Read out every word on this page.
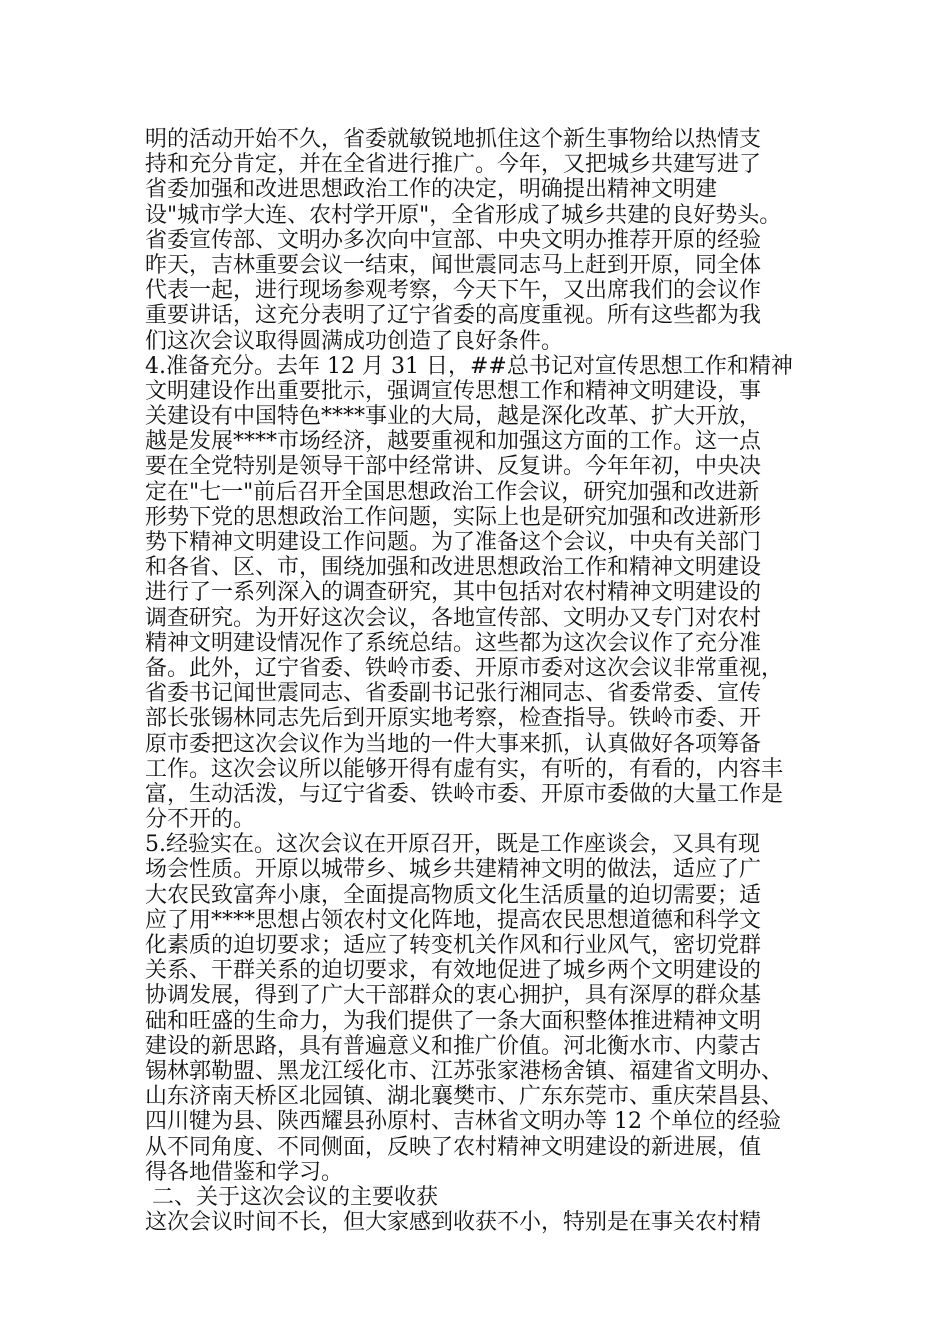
明的活动开始不久，省委就敏锐地抓住这个新生事物给以热情支
持和充分肯定，并在全省进行推广。今年，又把城乡共建写进了
省委加强和改进思想政治工作的决定，明确提出精神文明建
设"城市学大连、农村学开原"，全省形成了城乡共建的良好势头。
省委宣传部、文明办多次向中宣部、中央文明办推荐开原的经验
昨天，吉林重要会议一结束，闻世震同志马上赶到开原，同全体
代表一起，进行现场参观考察，今天下午，又出席我们的会议作
重要讲话，这充分表明了辽宁省委的高度重视。所有这些都为我
们这次会议取得圆满成功创造了良好条件。
4.准备充分。去年 12 月 31 日，##总书记对宣传思想工作和精神
文明建设作出重要批示，强调宣传思想工作和精神文明建设，事
关建设有中国特色****事业的大局，越是深化改革、扩大开放，
越是发展****市场经济，越要重视和加强这方面的工作。这一点
要在全党特别是领导干部中经常讲、反复讲。今年年初，中央决
定在"七一"前后召开全国思想政治工作会议，研究加强和改进新
形势下党的思想政治工作问题，实际上也是研究加强和改进新形
势下精神文明建设工作问题。为了准备这个会议，中央有关部门
和各省、区、市，围绕加强和改进思想政治工作和精神文明建设
进行了一系列深入的调查研究，其中包括对农村精神文明建设的
调查研究。为开好这次会议，各地宣传部、文明办又专门对农村
精神文明建设情况作了系统总结。这些都为这次会议作了充分准
备。此外，辽宁省委、铁岭市委、开原市委对这次会议非常重视，
省委书记闻世震同志、省委副书记张行湘同志、省委常委、宣传
部长张锡林同志先后到开原实地考察，检查指导。铁岭市委、开
原市委把这次会议作为当地的一件大事来抓，认真做好各项筹备
工作。这次会议所以能够开得有虚有实，有听的，有看的，内容丰
富，生动活泼，与辽宁省委、铁岭市委、开原市委做的大量工作是
分不开的。
5.经验实在。这次会议在开原召开，既是工作座谈会，又具有现
场会性质。开原以城带乡、城乡共建精神文明的做法，适应了广
大农民致富奔小康，全面提高物质文化生活质量的迫切需要；适
应了用****思想占领农村文化阵地，提高农民思想道德和科学文
化素质的迫切要求；适应了转变机关作风和行业风气，密切党群
关系、干群关系的迫切要求，有效地促进了城乡两个文明建设的
协调发展，得到了广大干部群众的衷心拥护，具有深厚的群众基
础和旺盛的生命力，为我们提供了一条大面积整体推进精神文明
建设的新思路，具有普遍意义和推广价值。河北衡水市、内蒙古
锡林郭勒盟、黑龙江绥化市、江苏张家港杨舍镇、福建省文明办、
山东济南天桥区北园镇、湖北襄樊市、广东东莞市、重庆荣昌县、
四川犍为县、陕西耀县孙原村、吉林省文明办等 12 个单位的经验
从不同角度、不同侧面，反映了农村精神文明建设的新进展，值
得各地借鉴和学习。
二、关于这次会议的主要收获
这次会议时间不长，但大家感到收获不小，特别是在事关农村精
